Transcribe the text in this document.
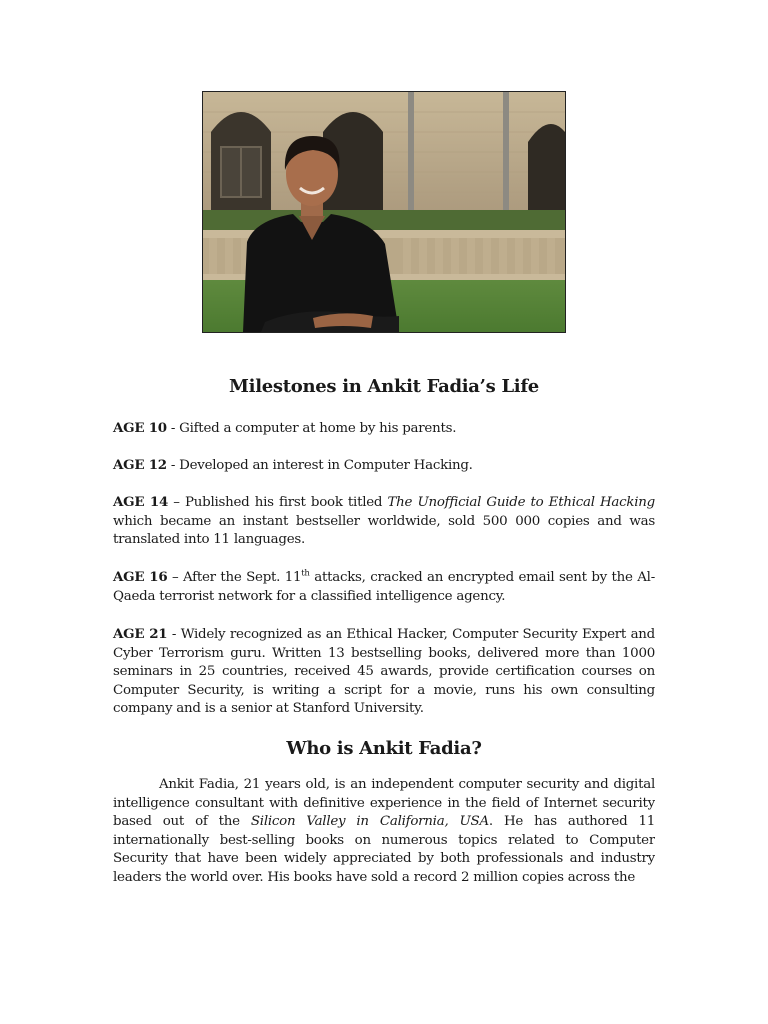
Milestones in Ankit Fadia’s Life

AGE 10 - Gifted a computer at home by his parents.

AGE 12 - Developed an interest in Computer Hacking.

AGE 14 – Published his first book titled The Unofficial Guide to Ethical Hacking which became an instant bestseller worldwide, sold 500 000 copies and was translated into 11 languages.

AGE 16 – After the Sept. 11th attacks, cracked an encrypted email sent by the Al-Qaeda terrorist network for a classified intelligence agency.

AGE 21 - Widely recognized as an Ethical Hacker, Computer Security Expert and Cyber Terrorism guru. Written 13 bestselling books, delivered more than 1000 seminars in 25 countries, received 45 awards, provide certification courses on Computer Security, is writing a script for a movie, runs his own consulting company and is a senior at Stanford University.

Who is Ankit Fadia?

Ankit Fadia, 21 years old, is an independent computer security and digital intelligence consultant with definitive experience in the field of Internet security based out of the Silicon Valley in California, USA. He has authored 11 internationally best-selling books on numerous topics related to Computer Security that have been widely appreciated by both professionals and industry leaders the world over. His books have sold a record 2 million copies across the
